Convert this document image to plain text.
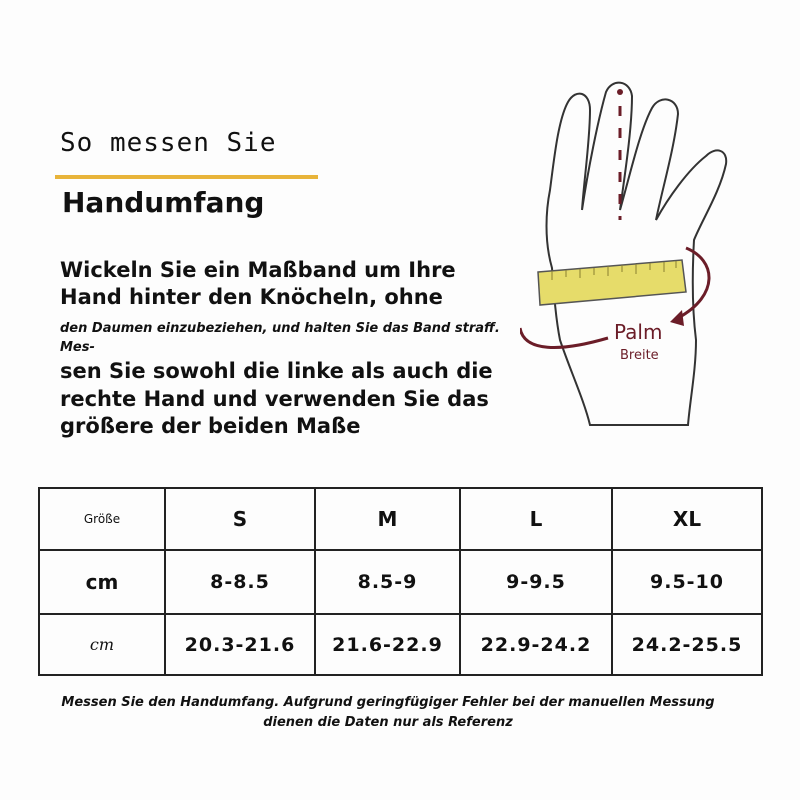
So messen Sie
Handumfang
Wickeln Sie ein Maßband um Ihre
Hand hinter den Knöcheln, ohne
den Daumen einzubeziehen, und halten Sie das Band straff.
Mes-
sen Sie sowohl die linke als auch die
rechte Hand und verwenden Sie das
größere der beiden Maße
Palm
Breite
Größe	S	M	L	XL
cm	8-8.5	8.5-9	9-9.5	9.5-10
cm	20.3-21.6	21.6-22.9	22.9-24.2	24.2-25.5
Messen Sie den Handumfang. Aufgrund geringfügiger Fehler bei der manuellen Messung
dienen die Daten nur als Referenz
